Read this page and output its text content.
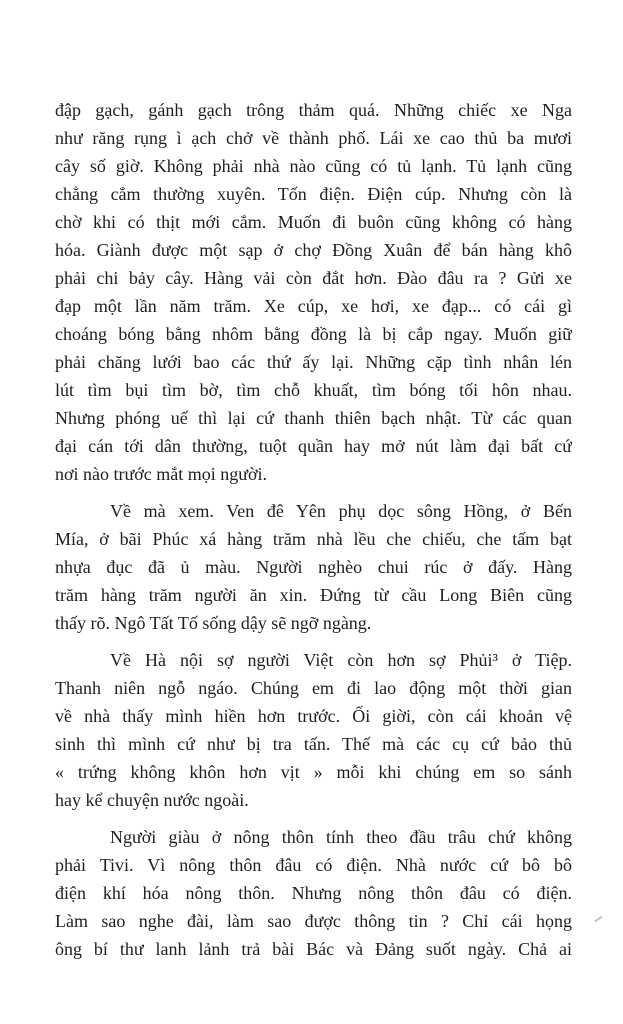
đập gạch, gánh gạch trông thảm quá. Những chiếc xe Nga
như răng rụng ì ạch chở về thành phố. Lái xe cao thủ ba mươi
cây số giờ. Không phải nhà nào cũng có tủ lạnh. Tủ lạnh cũng
chẳng cắm thường xuyên. Tốn điện. Điện cúp. Nhưng còn là
chờ khi có thịt mới cắm. Muốn đi buôn cũng không có hàng
hóa. Giành được một sạp ở chợ Đồng Xuân để bán hàng khô
phải chi bảy cây. Hàng vải còn đắt hơn. Đào đâu ra ? Gửi xe
đạp một lần năm trăm. Xe cúp, xe hơi, xe đạp... có cái gì
choáng bóng bằng nhôm bằng đồng là bị cắp ngay. Muốn giữ
phải chăng lưới bao các thứ ấy lại. Những cặp tình nhân lén
lút tìm bụi tìm bờ, tìm chỗ khuất, tìm bóng tối hôn nhau.
Nhưng phóng uế thì lại cứ thanh thiên bạch nhật. Từ các quan
đại cán tới dân thường, tuột quần hay mở nút làm đại bất cứ
nơi nào trước mắt mọi người.
Về mà xem. Ven đê Yên phụ dọc sông Hồng, ở Bến
Mía, ở bãi Phúc xá hàng trăm nhà lều che chiếu, che tấm bạt
nhựa đục đã ủ màu. Người nghèo chui rúc ở đấy. Hàng
trăm hàng trăm người ăn xin. Đứng từ cầu Long Biên cũng
thấy rõ. Ngô Tất Tố sống dậy sẽ ngỡ ngàng.
Về Hà nội sợ người Việt còn hơn sợ Phủi³ ở Tiệp.
Thanh niên ngỗ ngáo. Chúng em đi lao động một thời gian
về nhà thấy mình hiền hơn trước. Ối giời, còn cái khoản vệ
sinh thì mình cứ như bị tra tấn. Thế mà các cụ cứ bảo thủ
« trứng không khôn hơn vịt » mỗi khi chúng em so sánh
hay kể chuyện nước ngoài.
Người giàu ở nông thôn tính theo đầu trâu chứ không
phải Tivi. Vì nông thôn đâu có điện. Nhà nước cứ bô bô
điện khí hóa nông thôn. Nhưng nông thôn đâu có điện.
Làm sao nghe đài, làm sao được thông tin ? Chỉ cái họng
ông bí thư lanh lảnh trả bài Bác và Đảng suốt ngày. Chả ai
